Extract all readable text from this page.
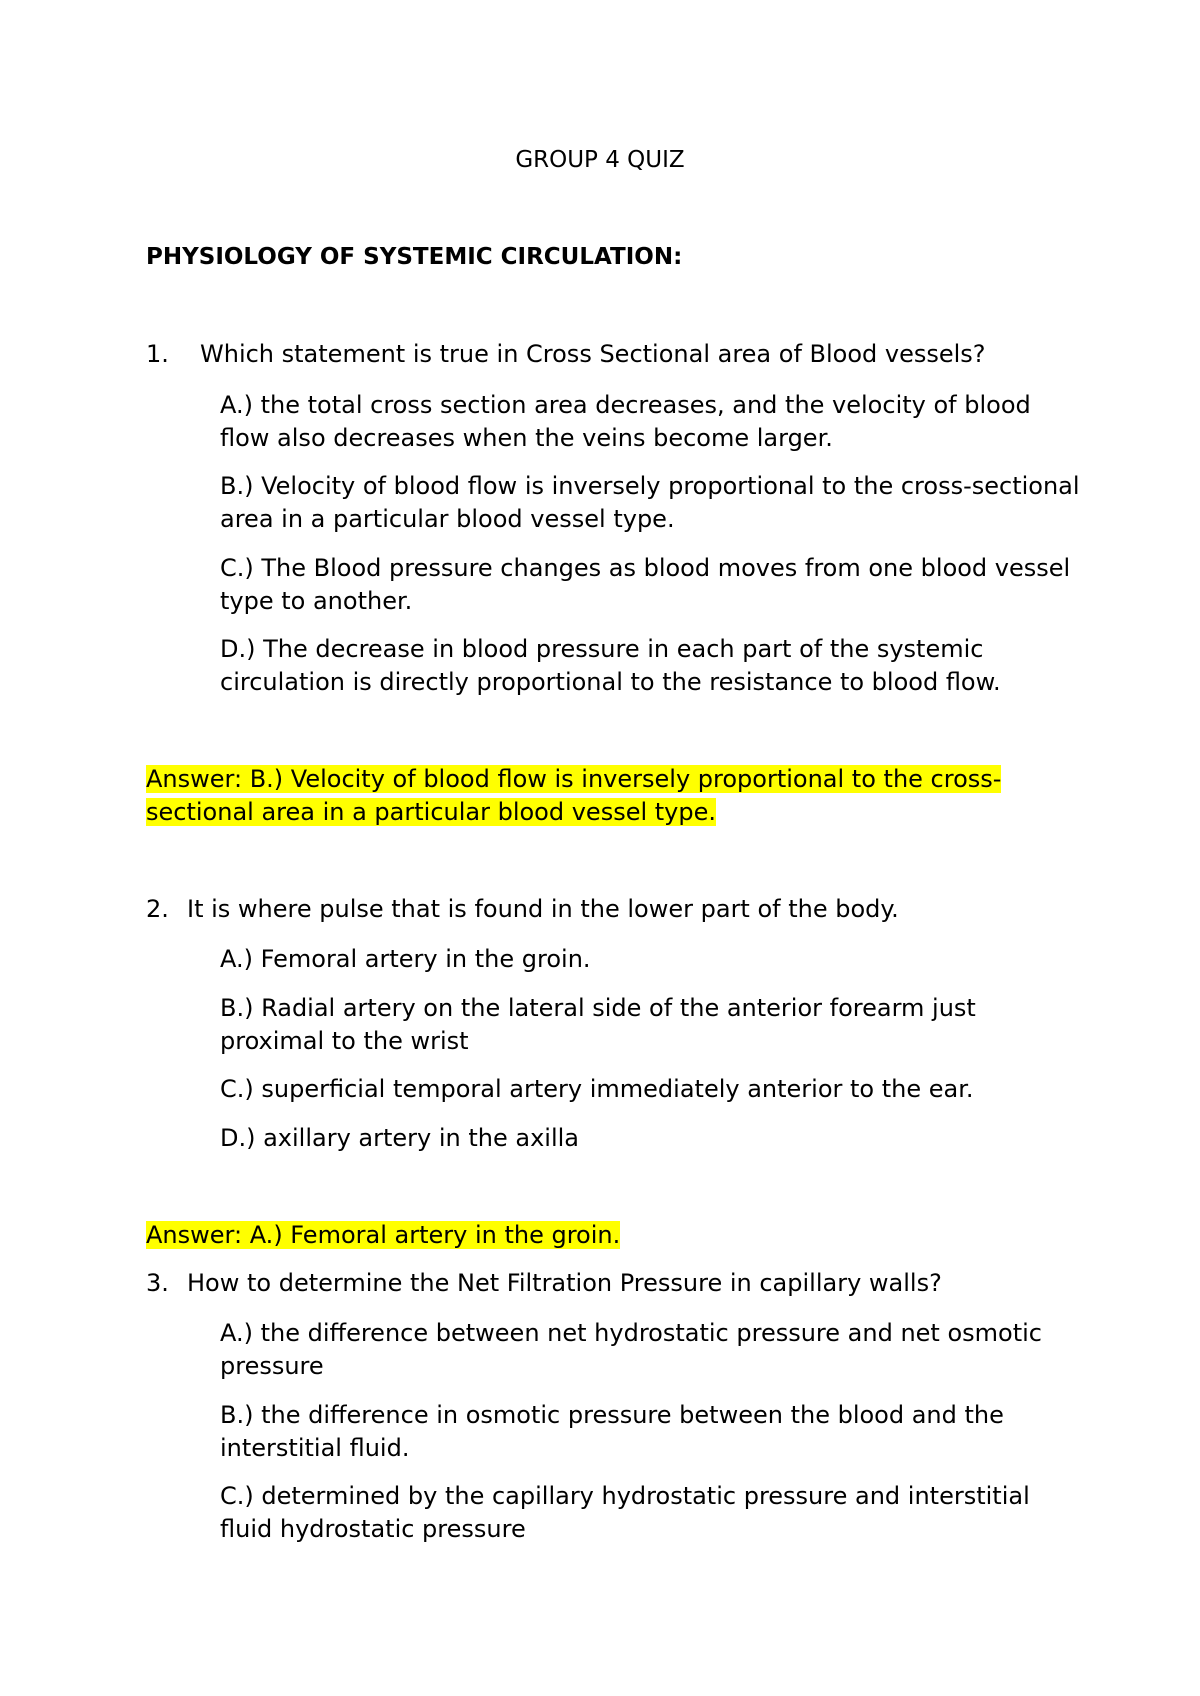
GROUP 4 QUIZ
PHYSIOLOGY OF SYSTEMIC CIRCULATION:
1.	Which statement is true in Cross Sectional area of Blood vessels?
A.) the total cross section area decreases, and the velocity of blood flow also decreases when the veins become larger.
B.) Velocity of blood flow is inversely proportional to the cross-sectional area in a particular blood vessel type.
C.) The Blood pressure changes as blood moves from one blood vessel type to another.
D.) The decrease in blood pressure in each part of the systemic circulation is directly proportional to the resistance to blood flow.
Answer: B.) Velocity of blood flow is inversely proportional to the cross-sectional area in a particular blood vessel type.
2. It is where pulse that is found in the lower part of the body.
A.) Femoral artery in the groin.
B.) Radial artery on the lateral side of the anterior forearm just proximal to the wrist
C.) superficial temporal artery immediately anterior to the ear.
D.) axillary artery in the axilla
Answer: A.) Femoral artery in the groin.
3. How to determine the Net Filtration Pressure in capillary walls?
A.) the difference between net hydrostatic pressure and net osmotic pressure
B.) the difference in osmotic pressure between the blood and the interstitial fluid.
C.) determined by the capillary hydrostatic pressure and interstitial fluid hydrostatic pressure
